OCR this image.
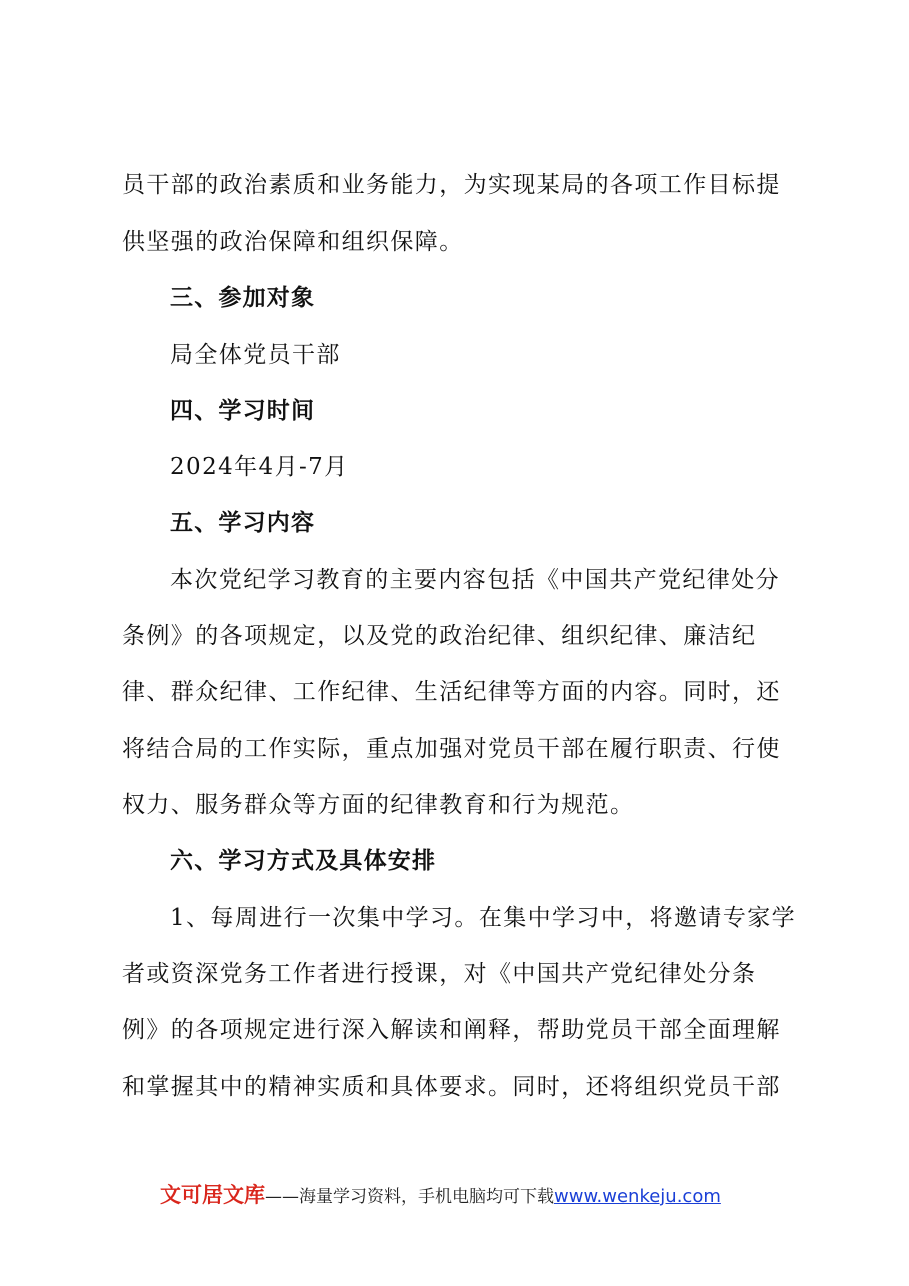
员干部的政治素质和业务能力，为实现某局的各项工作目标提
供坚强的政治保障和组织保障。
三、参加对象
局全体党员干部
四、学习时间
2024年4月-7月
五、学习内容
本次党纪学习教育的主要内容包括《中国共产党纪律处分
条例》的各项规定，以及党的政治纪律、组织纪律、廉洁纪
律、群众纪律、工作纪律、生活纪律等方面的内容。同时，还
将结合局的工作实际，重点加强对党员干部在履行职责、行使
权力、服务群众等方面的纪律教育和行为规范。
六、学习方式及具体安排
1、每周进行一次集中学习。在集中学习中，将邀请专家学
者或资深党务工作者进行授课，对《中国共产党纪律处分条
例》的各项规定进行深入解读和阐释，帮助党员干部全面理解
和掌握其中的精神实质和具体要求。同时，还将组织党员干部
文可居文库——海量学习资料，手机电脑均可下载www.wenkeju.com
